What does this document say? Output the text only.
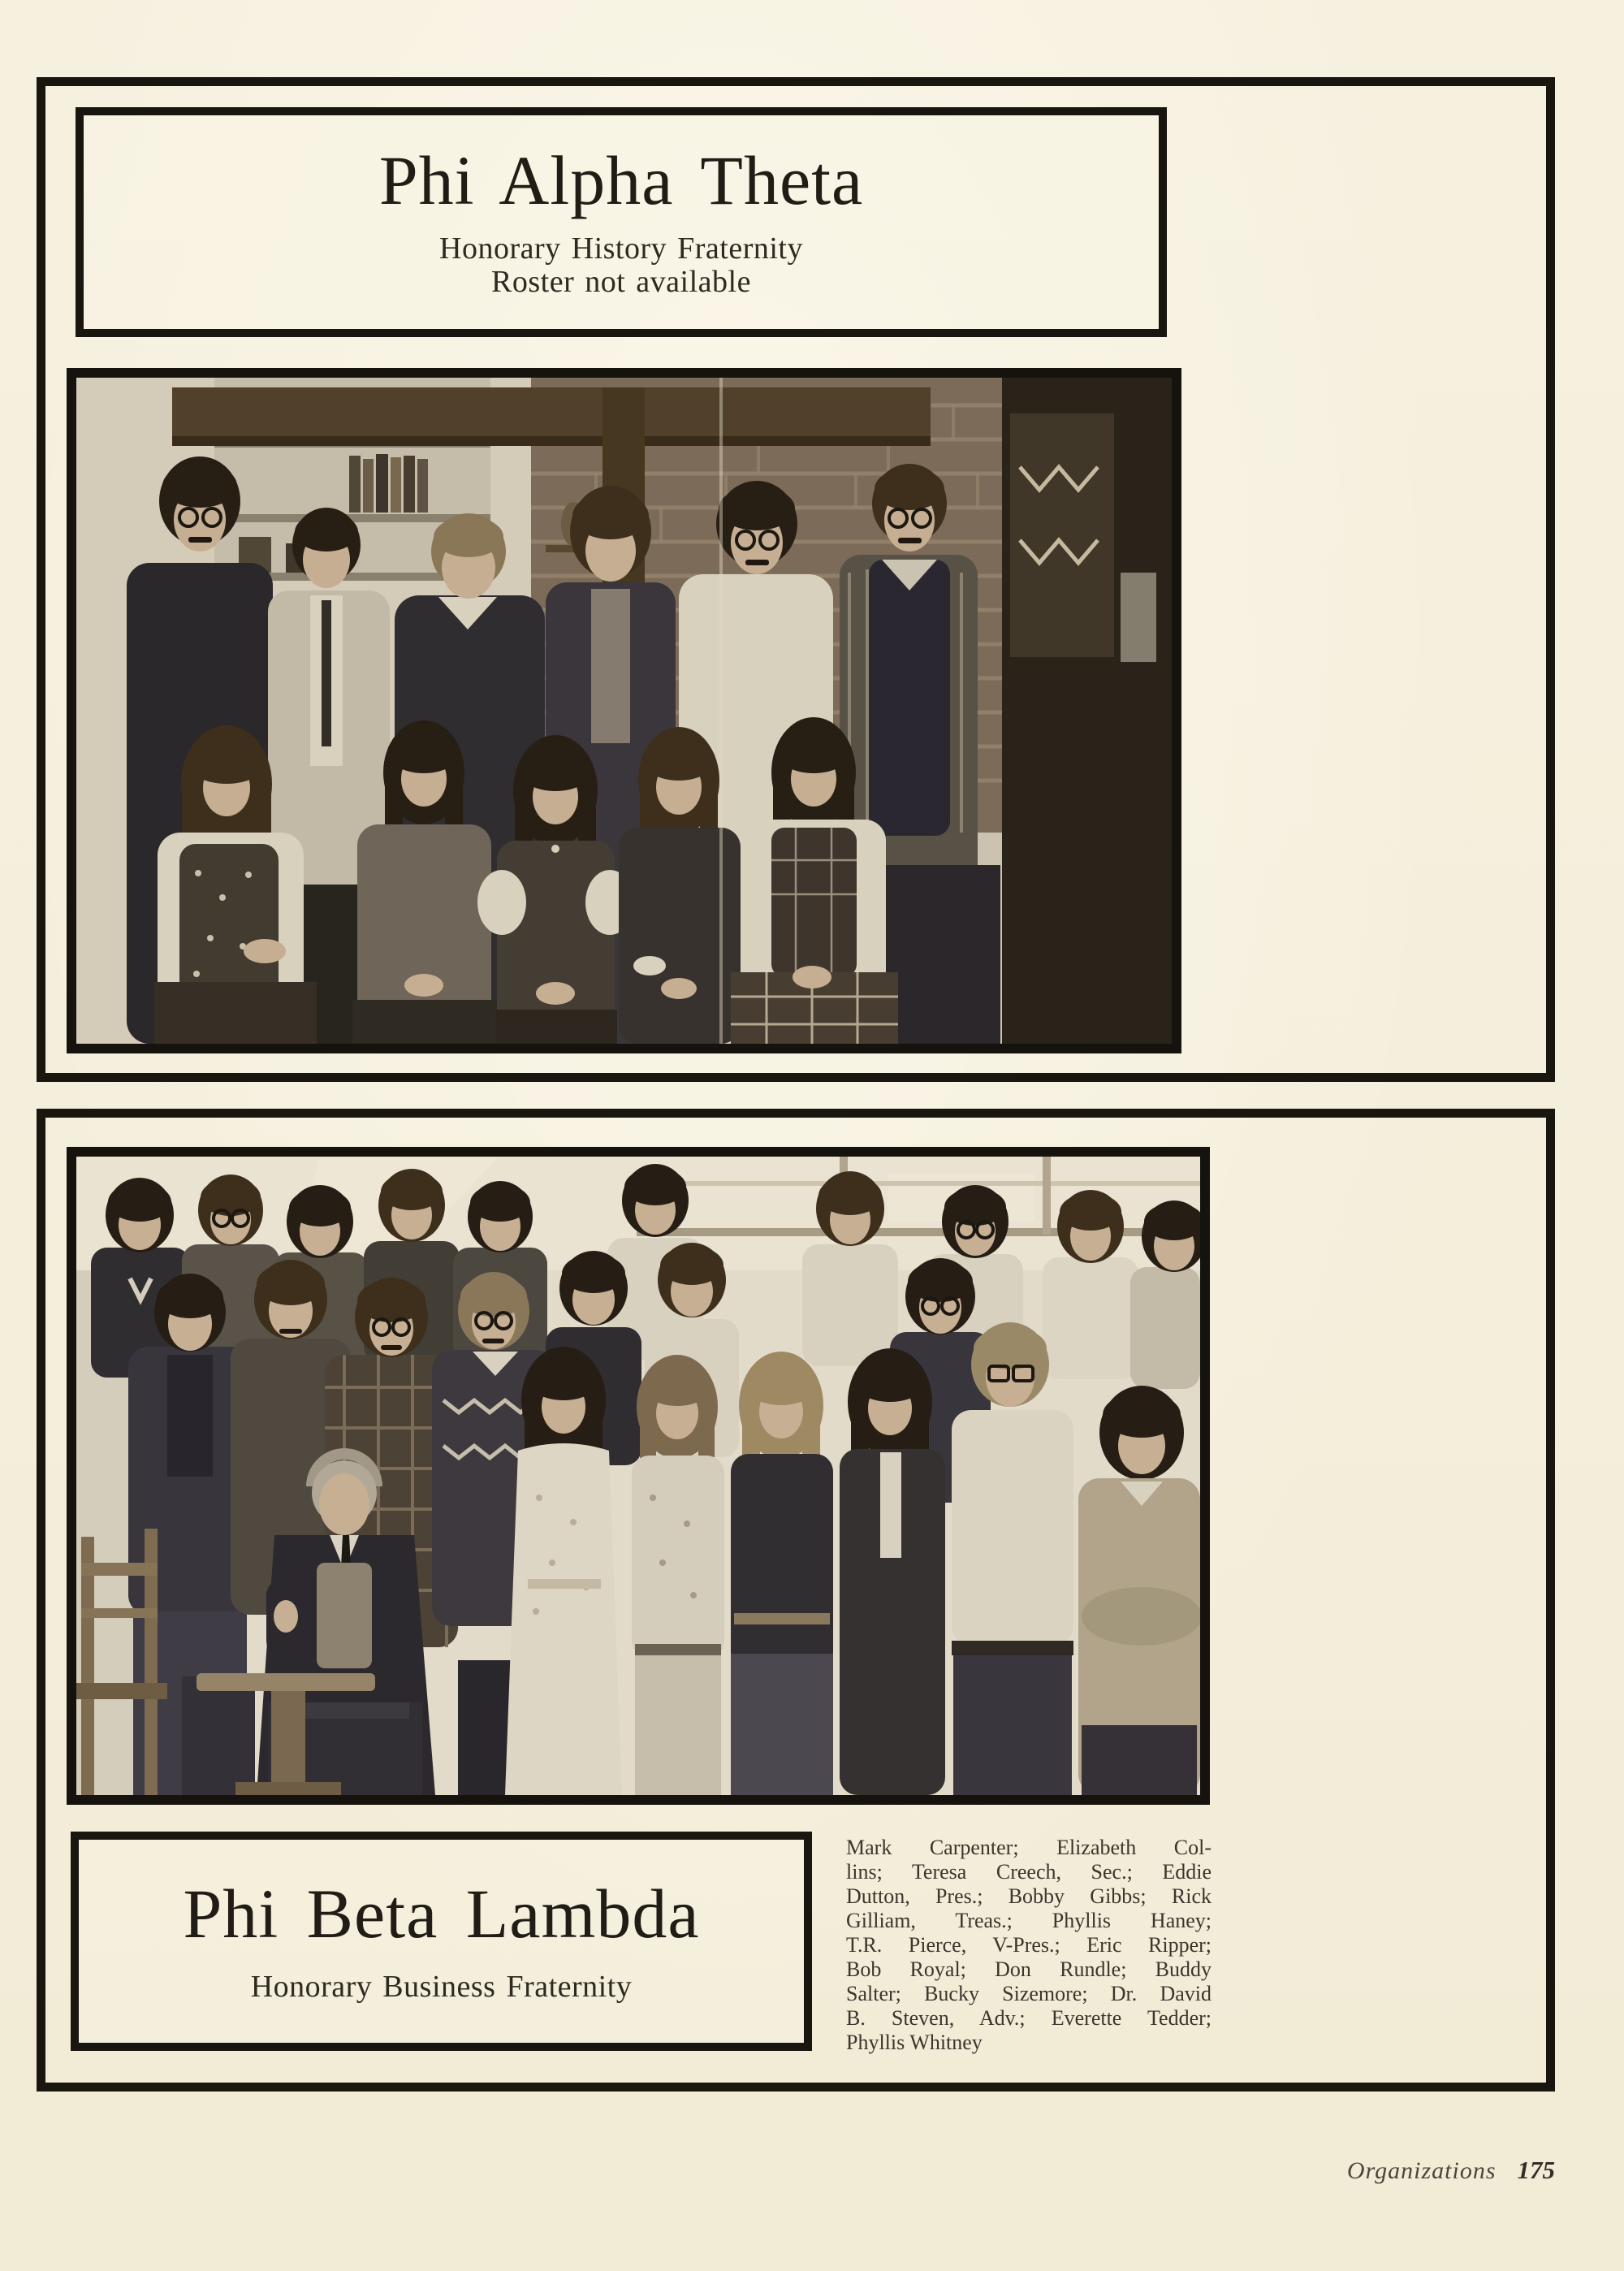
Phi Alpha Theta
Honorary History Fraternity
Roster not available
Phi Beta Lambda
Honorary Business Fraternity
Mark Carpenter; Elizabeth Col-
lins; Teresa Creech, Sec.; Eddie
Dutton, Pres.; Bobby Gibbs; Rick
Gilliam, Treas.; Phyllis Haney;
T.R. Pierce, V-Pres.; Eric Ripper;
Bob Royal; Don Rundle; Buddy
Salter; Bucky Sizemore; Dr. David
B. Steven, Adv.; Everette Tedder;
Phyllis Whitney
Organizations 175
